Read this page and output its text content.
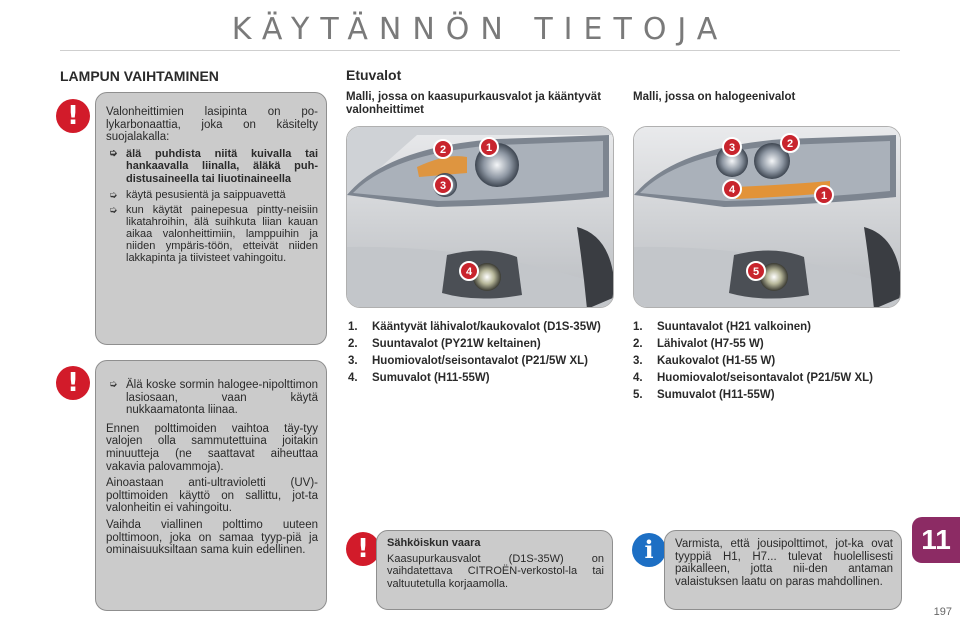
KÄYTÄNNÖN TIETOJA
LAMPUN VAIHTAMINEN
!	Valonheittimien lasipinta on po-lykarbonaattia, joka on käsitelty suojalakalla:

➭ älä puhdista niitä kuivalla tai hankaavalla liinalla, äläkä puh-distusaineella tai liuotinaineella
➭ käytä pesusientä ja saippuavettä
➭ kun käytät painepesua pintty-neisiin likatahroihin, älä suihkuta liian kauan aikaa valonheittimiin, lamppuihin ja niiden ympäris-töön, etteivät niiden lakkapinta ja tiivisteet vahingoitu.
!	➭ Älä koske sormin halogee-nipolttimon lasiosaan, vaan käytä nukkaamatonta liinaa.

Ennen polttimoiden vaihtoa täy-tyy valojen olla sammutettuina joitakin minuutteja (ne saattavat aiheuttaa vakavia palovammoja).

Ainoastaan anti-ultravioletti (UV)-polttimoiden käyttö on sallittu, jot-ta valonheitin ei vahingoitu.

Vaihda viallinen polttimo uuteen polttimoon, joka on samaa tyyp-piä ja ominaisuuksiltaan sama kuin edellinen.

Etuvalot
Malli, jossa on kaasupurkausvalot ja kääntyvät valonheittimet
1
2
3
4
1. Kääntyvät lähivalot/kaukovalot (D1S-35W)
2. Suuntavalot (PY21W keltainen)
3. Huomiovalot/seisontavalot (P21/5W XL)
4. Sumuvalot (H11-55W)
!	Sähköiskun vaara

Kaasupurkausvalot (D1S-35W) on vaihdatettava CITROËN-verkostol-la tai valtuutetulla korjaamolla.

Malli, jossa on halogeenivalot
1
2
3
4
5
1. Suuntavalot (H21 valkoinen)
2. Lähivalot (H7-55 W)
3. Kaukovalot (H1-55 W)
4. Huomiovalot/seisontavalot (P21/5W XL)
5. Sumuvalot (H11-55W)
i	Varmista, että jousipolttimot, jot-ka ovat tyyppiä H1, H7... tulevat huolellisesti paikalleen, jotta nii-den antaman valaistuksen laatu on paras mahdollinen.

11
197
